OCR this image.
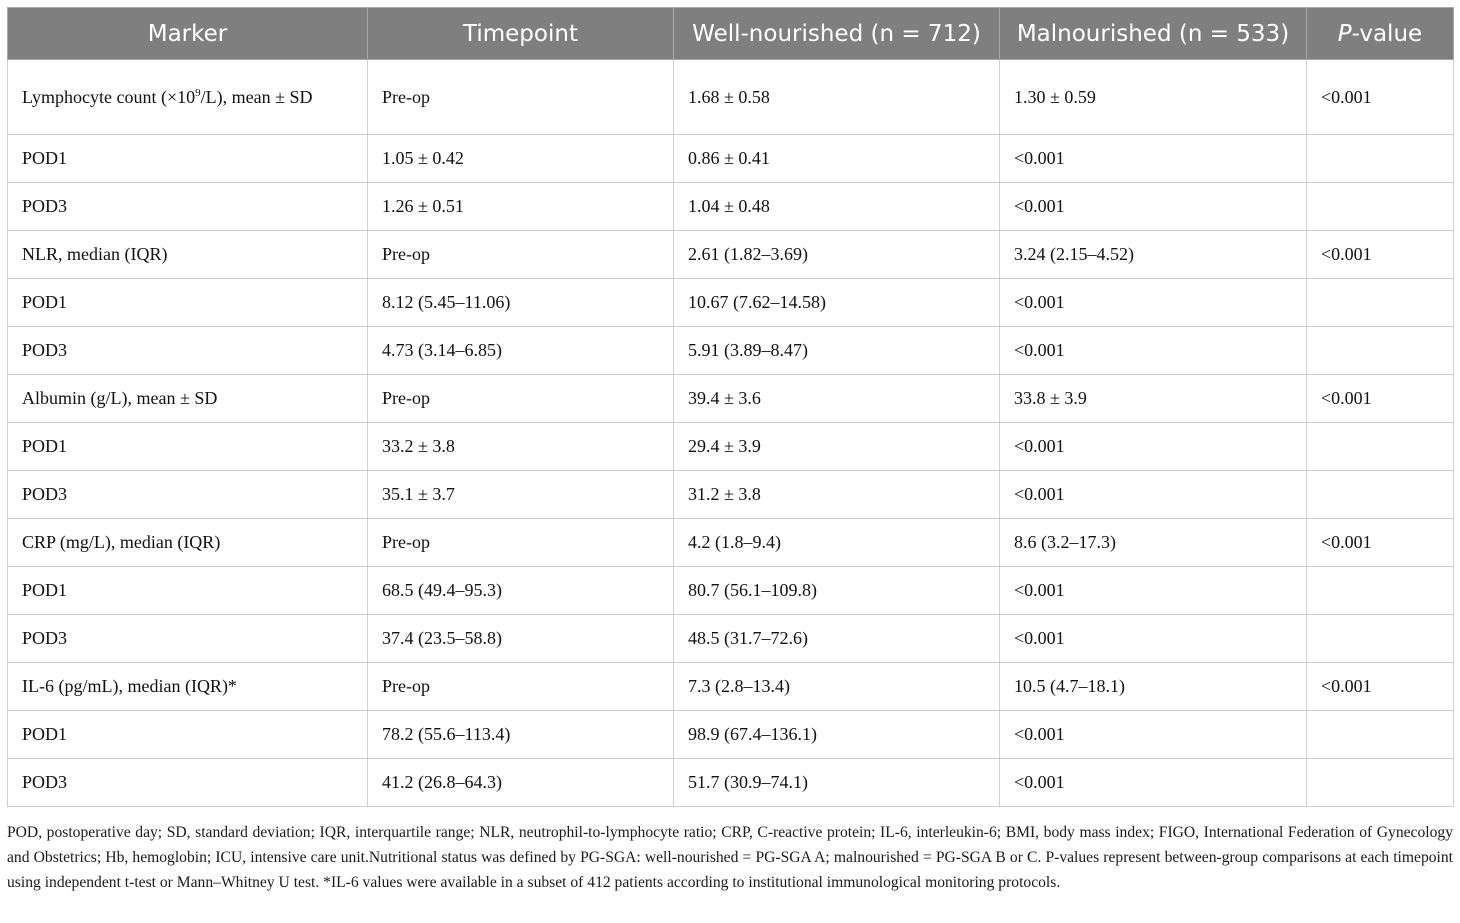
Marker	Timepoint	Well-nourished (n = 712)	Malnourished (n = 533)	P-value
Lymphocyte count $(\times 10^9/L)$, mean ± SD	Pre-op	1.68 ± 0.58	1.30 ± 0.59	<0.001
POD1	1.05 ± 0.42	0.86 ± 0.41	<0.001	
POD3	1.26 ± 0.51	1.04 ± 0.48	<0.001	
NLR, median (IQR)	Pre-op	2.61 (1.82–3.69)	3.24 (2.15–4.52)	<0.001
POD1	8.12 (5.45–11.06)	10.67 (7.62–14.58)	<0.001	
POD3	4.73 (3.14–6.85)	5.91 (3.89–8.47)	<0.001	
Albumin (g/L), mean ± SD	Pre-op	39.4 ± 3.6	33.8 ± 3.9	<0.001
POD1	33.2 ± 3.8	29.4 ± 3.9	<0.001	
POD3	35.1 ± 3.7	31.2 ± 3.8	<0.001	
CRP (mg/L), median (IQR)	Pre-op	4.2 (1.8–9.4)	8.6 (3.2–17.3)	<0.001
POD1	68.5 (49.4–95.3)	80.7 (56.1–109.8)	<0.001	
POD3	37.4 (23.5–58.8)	48.5 (31.7–72.6)	<0.001	
IL-6 (pg/mL), median (IQR)*	Pre-op	7.3 (2.8–13.4)	10.5 (4.7–18.1)	<0.001
POD1	78.2 (55.6–113.4)	98.9 (67.4–136.1)	<0.001	
POD3	41.2 (26.8–64.3)	51.7 (30.9–74.1)	<0.001	
POD, postoperative day; SD, standard deviation; IQR, interquartile range; NLR, neutrophil-to-lymphocyte ratio; CRP, C-reactive protein; IL-6, interleukin-6; BMI, body mass index; FIGO, International Federation of Gynecology and Obstetrics; Hb, hemoglobin; ICU, intensive care unit.Nutritional status was defined by PG-SGA: well-nourished = PG-SGA A; malnourished = PG-SGA B or C. P-values represent between-group comparisons at each timepoint using independent t-test or Mann–Whitney U test. *IL-6 values were available in a subset of 412 patients according to institutional immunological monitoring protocols.
